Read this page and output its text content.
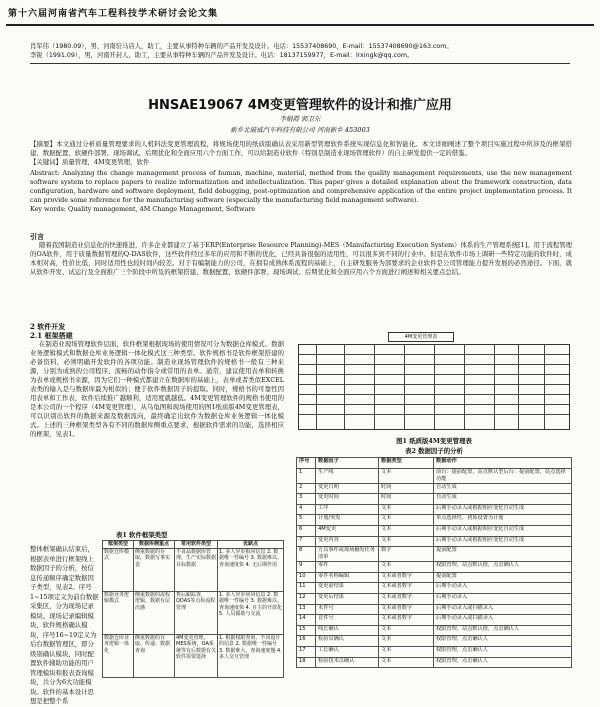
第十六届河南省汽车工程科技学术研讨会论文集
肖军伟（1980.09），男，河南驻马店人，助工，主要从事特种车辆的产品开发及设计。电话：15537408690，E-mail：15537408690@163.com。
李锐（1991.09），男，河南开封人，助工，主要从事特种车辆的产品开发及设计。电话：18137159977，E-mail：lrxingk@qq.com。
HNSAE19067 4M变更管理软件的设计和推广应用
李娟霞 郭卫东
新乡北破威汽车科技有限公司 河南新乡 453003

【摘要】本文通过分析质量管理要求的人机料法变更管理流程，将规场使用的纸质版确认表采用新型管理软件系统实现信息化和智能化。本文详细阐述了整个项目实施过程中所涉及的框架搭建、数据配置、软硬件部署、现场调试、后期优化和全面应用六个方面工作，可以给制造业软件（特别是制造业现场管理软件）的自主研发提供一定的借鉴。

【关键词】质量管理，4M变更管理，软件

Abstract: Analyzing the change management process of human, machine, material, method from the quality management requirements, use the new management software system to replace papers to realize informatization and intellectualization. This paper gives a detailed explanation about the framework construction, data configuration, hardware and software deployment, field debugging, post-optimization and comprehensive application of the entire project implementation process. It can provide some reference for the manufacturing software (especially the manufacturing field management software).

Key words: Quality management, 4M Change Management, Software

引言

随着我国制造业信息化的快速推进，许多企业都建立了基于ERP(Enterprise Resource Planning)-MES（Manufacturing Execution System）体系的生产管理系统[1]。用于流程管理的OA软件，用于质量数据管理的Q-DAS软件，这些软件经过多年的应用和不断的优化，已经具备很强的适用性，可以很多到不同的行业中。但是在软件市场上调研一些特定功能的软件时，成本相对高，性价比低，同时适用性也较时间内较差。对于有编制能力的公司，在拥有成熟体系流程的基础上，自主研发服务为部要求的企业软件是公司管理能力提升发展的必然途径。下面，就从软件开发、试运行及全面推广三个阶段中所及的框架搭建、数据配置、软硬件部署、现场调试、后期优化和全面应用六个方面进行阐述和相关要点总结。

2 软件开发
2.1 框架搭建

在制造业现场管理软件层面，软件框架根据现场的使用情况可分为数据仓库模式、数据业务逻辑模式和数据仓库业务逻辑一体化模式这三种类型。软件规格书是软件框架搭建的必备资料，必须明确开发软件的各项功能。制造业现场管理软件的规格书一般有三种来源，分别为成熟的公司程序、流畅的动作指令或常用的表单。通常，建议使用表单和转换为表单或规格书来源，因为它们一种模式都建立在数据库的基础上，表单或者类似EXCEL表类的输入是与数据库最为相似的；便于软件数据因子的提取。同时，规格书的可靠性因用表单和工作表，软件后续推广越顺利，适用度就越低。4M变更管理软件的规格书使用的是本公司的一个程序（4M变更管理），从乌龟图和现场使用的图1纸质版4M变更管理表，可以识别出软件的数据来源及数据流向，最终确定出软件为数据仓库业务逻辑一体化模式。上述的三种框架类型各有不同的数据库侧重点要求，根据软件需求的功能，选择相应的框架，见表1。

整体框架确认结束后，根据表单进行框架线上数据因子的分析，按信息传递顺序确定数据因子类型，见表2。序号1~15项定义为前台数据采集区，分为现场记录模块、现场记录编辑模块、软件规格确认模块，序号16~19定义为后台数据管理区，即分级别确认模块，同时配置软件辅助功能的用户管理模块和报表查询模块，共分为6大功能模块。软件的基本设计思想是把整个系

4M变更管理表
图1 纸质版4M变更管理表
表2 数据因子的分析
序号	数据因子	数据类型	数据动作
1	生产线	文本	前台：提前配置，站点默认型后台：提前配置，站点选择功能
2	变更日期	时间	自动生成
3	变更时间	时间	自动生成
4	工序	文本	后期手动录入或根据相应变化自动生成
5	计划/突发	文本	单点选择性，初始设置为计划
6	4M变更	文本	后期手动录入或根据相应变化自动生成
7	变更内容	文本	后期手动录入或根据相应变化自动生成
8	万具事件或现场触发任务清单	数字	提前配置
9	零件	文本	权限管理，站点默认值，点击确认人
10	零件名称编辑	文本或者数字	提前配置
11	变更前结果	文本或者数字	后期手动录入
12	变更后结果	文本或者数字	后期手动录入
13	末件号	文本或者数字	后期手动录入或扫描录入
14	首件号	文本或者数字	后期手动录入或扫描录入
15	线长确认	文本	权限管理，站点默认值，点击确认人
16	检验员确认	文本	权限管理，点击确认人
17	工长确认	文本	权限管理，点击确认人
18	检验技术员确认	文本	权限管理，点击确认人
表1 软件框架类型
框架类型	数据库侧重点	常用软件类型	优缺点
数据仓库模式	侧重数据的存取，数据写事实表	不良品数据库管理，生产实际数据目标数据	1. 多人异步相同信息 2. 数据唯一性编号 3. 数据难以、查询速度快 4. 无后期作用
数据业务逻辑模式	侧重数据的流程逻辑，数据有层次感	售后跟踪查，QDAS等点检流程管理	1. 多人异步同同信息 2. 数据唯一性编号 3. 数据难以、查询速度快 4. 自主的开放化 5. 人员援助与交流
数据仓库业务逻辑一体化	侧重数据的存取、传递、数据查询	4M变更管理，MES系统，OA系统等有后数据有关软件需要选择	1. 根据权限查询、不同设计的信息 2. 数据唯一性编号 3. 数据难大、查询速度慢 4. 多人交互管理
